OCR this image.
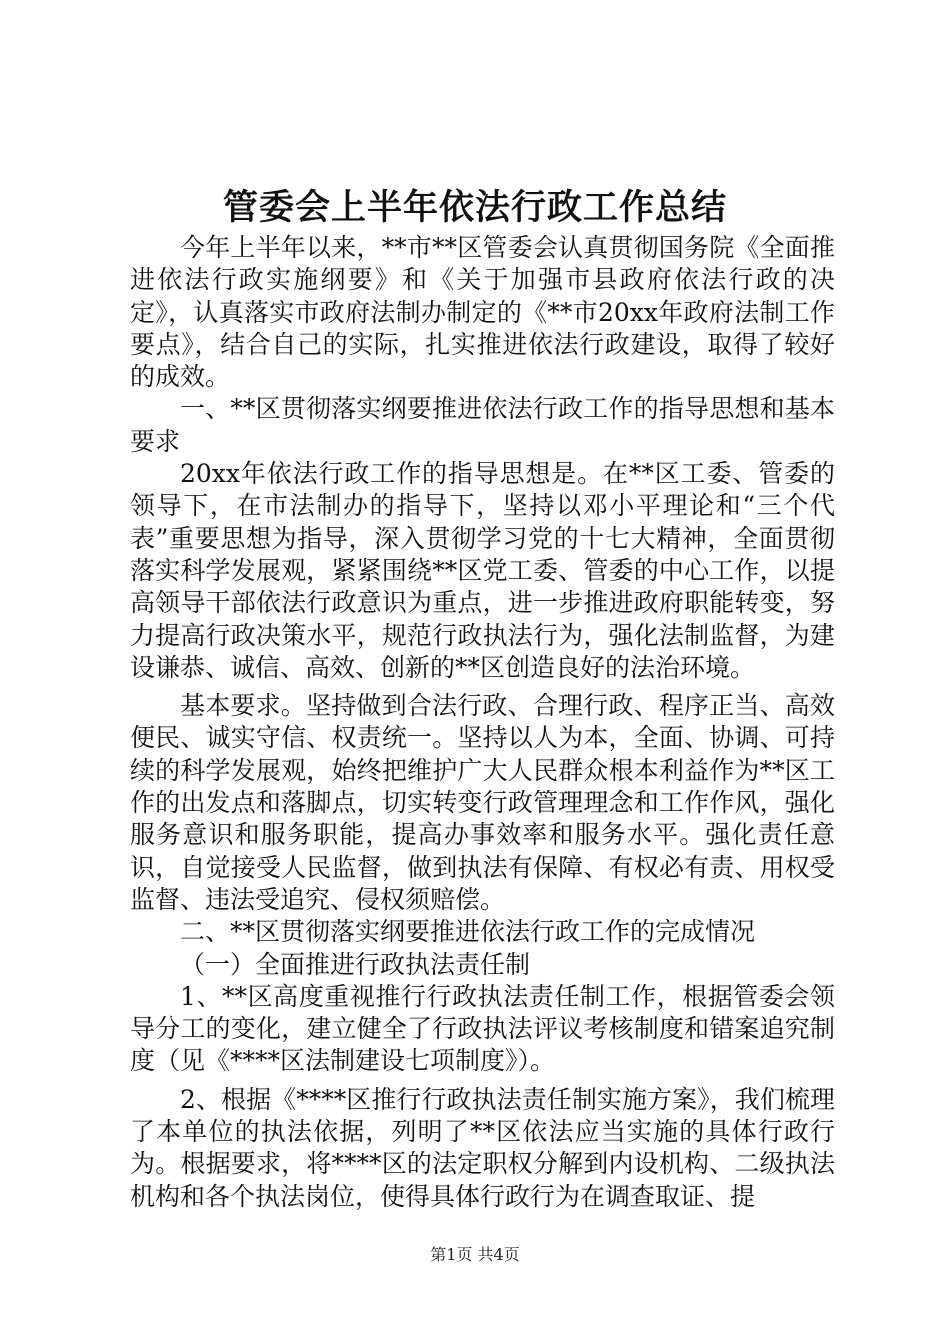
管委会上半年依法行政工作总结

今年上半年以来，**市**区管委会认真贯彻国务院《全面推进依法行政实施纲要》和《关于加强市县政府依法行政的决定》，认真落实市政府法制办制定的《**市20xx年政府法制工作要点》，结合自己的实际，扎实推进依法行政建设，取得了较好的成效。

一、**区贯彻落实纲要推进依法行政工作的指导思想和基本要求

20xx年依法行政工作的指导思想是。在**区工委、管委的领导下，在市法制办的指导下，坚持以邓小平理论和“三个代表”重要思想为指导，深入贯彻学习党的十七大精神，全面贯彻落实科学发展观，紧紧围绕**区党工委、管委的中心工作，以提高领导干部依法行政意识为重点，进一步推进政府职能转变，努力提高行政决策水平，规范行政执法行为，强化法制监督，为建设谦恭、诚信、高效、创新的**区创造良好的法治环境。

基本要求。坚持做到合法行政、合理行政、程序正当、高效便民、诚实守信、权责统一。坚持以人为本，全面、协调、可持续的科学发展观，始终把维护广大人民群众根本利益作为**区工作的出发点和落脚点，切实转变行政管理理念和工作作风，强化服务意识和服务职能，提高办事效率和服务水平。强化责任意识，自觉接受人民监督，做到执法有保障、有权必有责、用权受监督、违法受追究、侵权须赔偿。

二、**区贯彻落实纲要推进依法行政工作的完成情况

（一）全面推进行政执法责任制

1、**区高度重视推行行政执法责任制工作，根据管委会领导分工的变化，建立健全了行政执法评议考核制度和错案追究制度（见《****区法制建设七项制度》）。

2、根据《****区推行行政执法责任制实施方案》，我们梳理了本单位的执法依据，列明了**区依法应当实施的具体行政行为。根据要求，将****区的法定职权分解到内设机构、二级执法机构和各个执法岗位，使得具体行政行为在调查取证、提

第1页 共4页
